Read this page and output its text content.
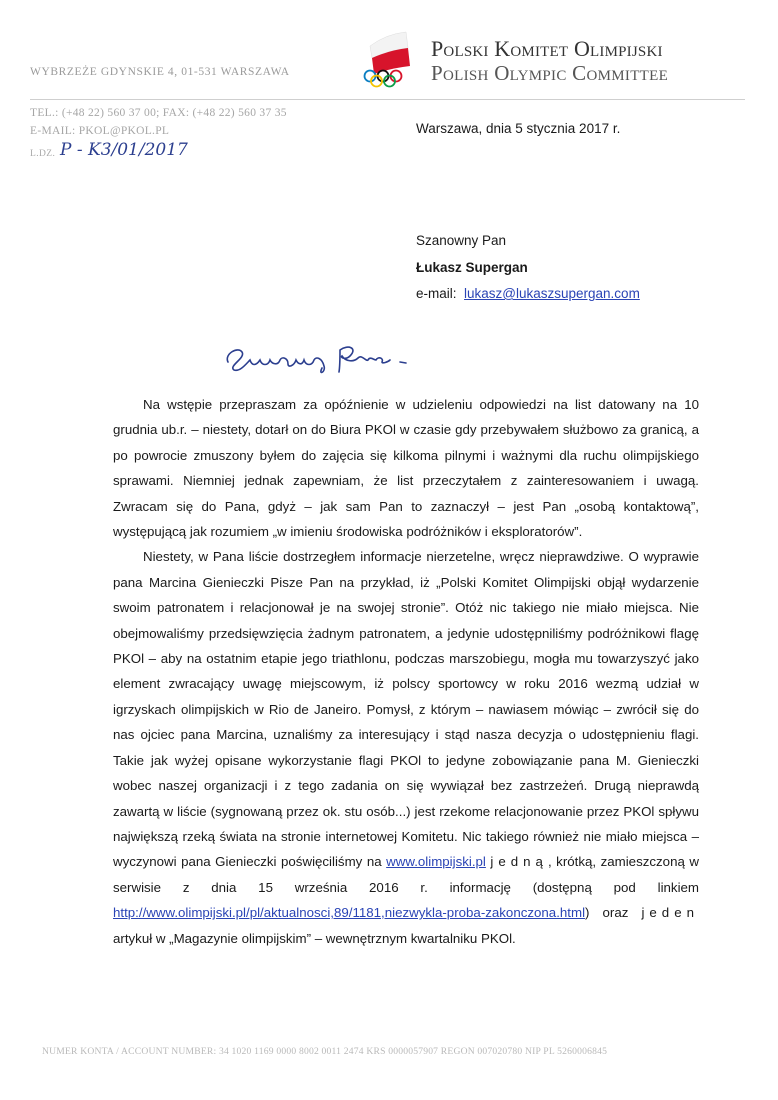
Polski Komitet Olimpijski
Polish Olympic Committee
WYBRZEŻE GDYNSKIE 4, 01-531 WARSZAWA
TEL.: (+48 22) 560 37 00; FAX: (+48 22) 560 37 35
E-MAIL: PKOL@PKOL.PL
L.DZ. P - K3/01/2017
Warszawa, dnia 5 stycznia 2017 r.
Szanowny Pan
Łukasz Supergan
e-mail: lukasz@lukaszsupergan.com

Na wstępie przepraszam za opóźnienie w udzieleniu odpowiedzi na list datowany na 10 grudnia ub.r. – niestety, dotarł on do Biura PKOl w czasie gdy przebywałem służbowo za granicą, a po powrocie zmuszony byłem do zajęcia się kilkoma pilnymi i ważnymi dla ruchu olimpijskiego sprawami. Niemniej jednak zapewniam, że list przeczytałem z zainteresowaniem i uwagą. Zwracam się do Pana, gdyż – jak sam Pan to zaznaczył – jest Pan „osobą kontaktową”, występującą jak rozumiem „w imieniu środowiska podróżników i eksploratorów”.

Niestety, w Pana liście dostrzegłem informacje nierzetelne, wręcz nieprawdziwe. O wyprawie pana Marcina Gienieczki Pisze Pan na przykład, iż „Polski Komitet Olimpijski objął wydarzenie swoim patronatem i relacjonował je na swojej stronie”. Otóż nic takiego nie miało miejsca. Nie obejmowaliśmy przedsięwzięcia żadnym patronatem, a jedynie udostępniliśmy podróżnikowi flagę PKOl – aby na ostatnim etapie jego triathlonu, podczas marszobiegu, mogła mu towarzyszyć jako element zwracający uwagę miejscowym, iż polscy sportowcy w roku 2016 wezmą udział w igrzyskach olimpijskich w Rio de Janeiro. Pomysł, z którym – nawiasem mówiąc – zwrócił się do nas ojciec pana Marcina, uznaliśmy za interesujący i stąd nasza decyzja o udostępnieniu flagi. Takie jak wyżej opisane wykorzystanie flagi PKOl to jedyne zobowiązanie pana M. Gienieczki wobec naszej organizacji i z tego zadania on się wywiązał bez zastrzeżeń. Drugą nieprawdą zawartą w liście (sygnowaną przez ok. stu osób...) jest rzekome relacjonowanie przez PKOl spływu największą rzeką świata na stronie internetowej Komitetu. Nic takiego również nie miało miejsca – wyczynowi pana Gienieczki poświęciliśmy na www.olimpijski.pl jedną, krótką, zamieszczoną w serwisie z dnia 15 września 2016 r. informację (dostępną pod linkiem http://www.olimpijski.pl/pl/aktualnosci,89/1181,niezwykla-proba-zakonczona.html) oraz jeden artykuł w „Magazynie olimpijskim” – wewnętrznym kwartalniku PKOl.

NUMER KONTA / ACCOUNT NUMBER: 34 1020 1169 0000 8002 0011 2474 KRS 0000057907 REGON 007020780 NIP PL 5260006845
